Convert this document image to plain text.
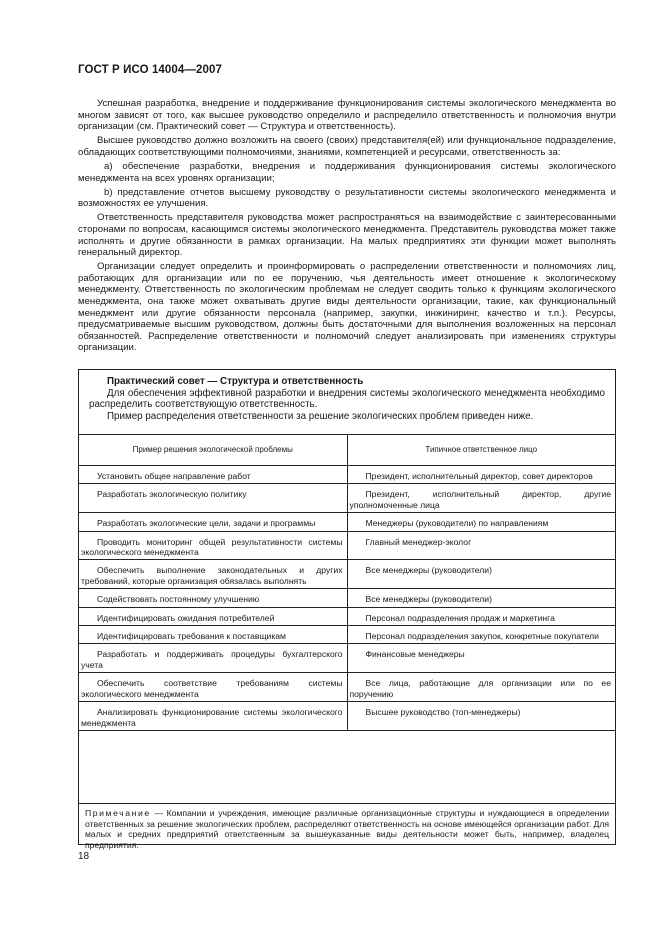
ГОСТ Р ИСО 14004—2007

Успешная разработка, внедрение и поддерживание функционирования системы экологического менеджмента во многом зависят от того, как высшее руководство определило и распределило ответственность и полномочия внутри организации (см. Практический совет — Структура и ответственность).

Высшее руководство должно возложить на своего (своих) представителя(ей) или функциональное подразделение, обладающих соответствующими полномочиями, знаниями, компетенцией и ресурсами, ответственность за:

a) обеспечение разработки, внедрения и поддерживания функционирования системы экологического менеджмента на всех уровнях организации;

b) представление отчетов высшему руководству о результативности системы экологического менеджмента и возможностях ее улучшения.

Ответственность представителя руководства может распространяться на взаимодействие с заинтересованными сторонами по вопросам, касающимся системы экологического менеджмента. Представитель руководства может также исполнять и другие обязанности в рамках организации. На малых предприятиях эти функции может выполнять генеральный директор.

Организации следует определить и проинформировать о распределении ответственности и полномочиях лиц, работающих для организации или по ее поручению, чья деятельность имеет отношение к экологическому менеджменту. Ответственность по экологическим проблемам не следует сводить только к функциям экологического менеджмента, она также может охватывать другие виды деятельности организации, такие, как функциональный менеджмент или другие обязанности персонала (например, закупки, инжиниринг, качество и т.п.). Ресурсы, предусматриваемые высшим руководством, должны быть достаточными для выполнения возложенных на персонал обязанностей. Распределение ответственности и полномочий следует анализировать при изменениях структуры организации.

Практический совет — Структура и ответственность

Для обеспечения эффективной разработки и внедрения системы экологического менеджмента необходимо распределить соответствующую ответственность.

Пример распределения ответственности за решение экологических проблем приведен ниже.

Пример решения экологической проблемы	Типичное ответственное лицо
Установить общее направление работ	Президент, исполнительный директор, совет директоров
Разработать экологическую политику	Президент, исполнительный директор, другие уполномоченные лица
Разработать экологические цели, задачи и программы	Менеджеры (руководители) по направлениям
Проводить мониторинг общей результативности системы экологического менеджмента	Главный менеджер-эколог
Обеспечить выполнение законодательных и других требований, которые организация обязалась выполнять	Все менеджеры (руководители)
Содействовать постоянному улучшению	Все менеджеры (руководители)
Идентифицировать ожидания потребителей	Персонал подразделения продаж и маркетинга
Идентифицировать требования к поставщикам	Персонал подразделения закупок, конкретные покупатели
Разработать и поддерживать процедуры бухгалтерского учета	Финансовые менеджеры
Обеспечить соответствие требованиям системы экологического менеджмента	Все лица, работающие для организации или по ее поручению
Анализировать функционирование системы экологического менеджмента	Высшее руководство (топ-менеджеры)
Примечание — Компании и учреждения, имеющие различные организационные структуры и нуждающиеся в определении ответственных за решение экологических проблем, распределяют ответственность на основе имеющейся организации работ. Для малых и средних предприятий ответственным за вышеуказанные виды деятельности может быть, например, владелец предприятия.
18
